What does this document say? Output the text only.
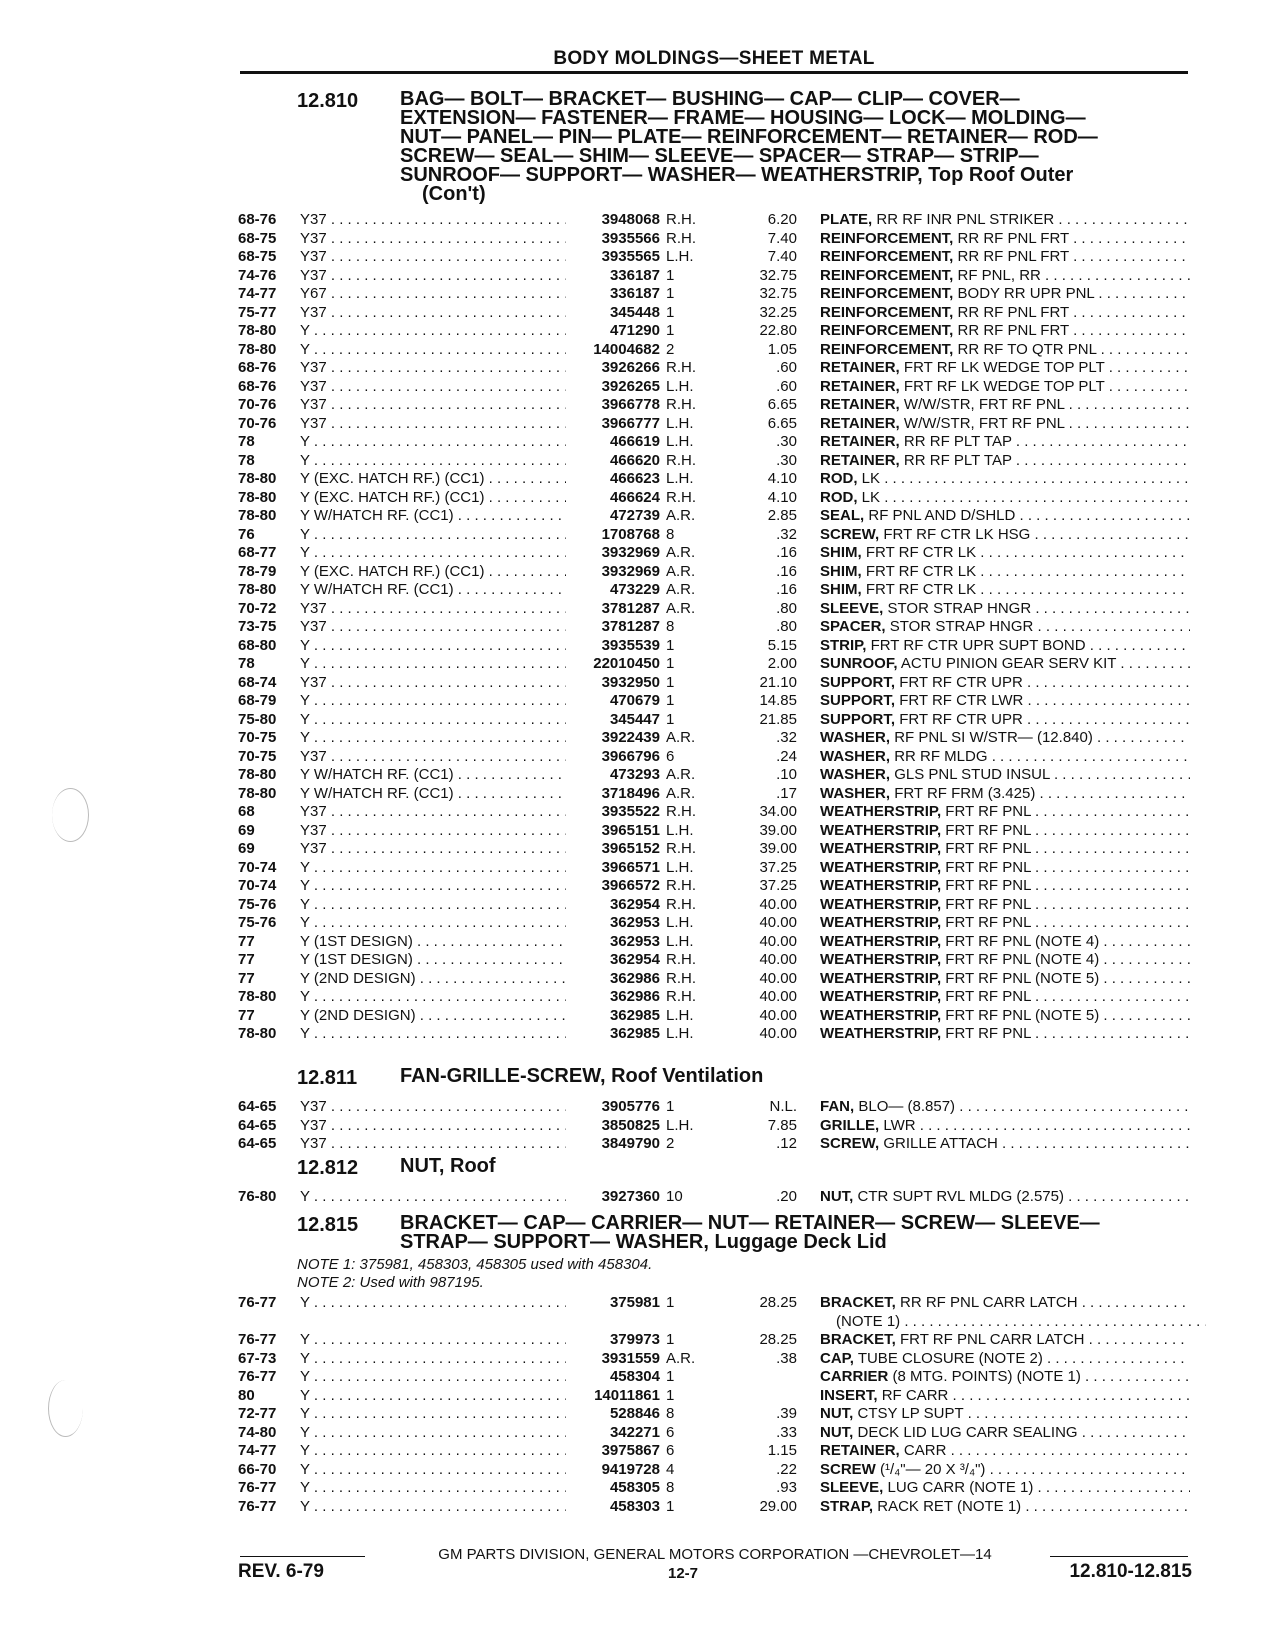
BODY MOLDINGS—SHEET METAL
12.810 BAG— BOLT— BRACKET— BUSHING— CAP— CLIP— COVER—
EXTENSION— FASTENER— FRAME— HOUSING— LOCK— MOLDING—
NUT— PANEL— PIN— PLATE— REINFORCEMENT— RETAINER— ROD—
SCREW— SEAL— SHIM— SLEEVE— SPACER— STRAP— STRIP—
SUNROOF— SUPPORT— WASHER— WEATHERSTRIP, Top Roof Outer
(Con't)
68-76 Y37 . . .	3948068 R.H.	6.20 PLATE, RR RF INR PNL STRIKER . . .
68-75 Y37 . . .	3935566 R.H.	7.40 REINFORCEMENT, RR RF PNL FRT . . .
68-75 Y37 . . .	3935565 L.H.	7.40 REINFORCEMENT, RR RF PNL FRT . . .
74-76 Y37 . . .	336187 1	32.75 REINFORCEMENT, RF PNL, RR . . .
74-77 Y67 . . .	336187 1	32.75 REINFORCEMENT, BODY RR UPR PNL . . .
75-77 Y37 . . .	345448 1	32.25 REINFORCEMENT, RR RF PNL FRT . . .
78-80 Y . . .	471290 1	22.80 REINFORCEMENT, RR RF PNL FRT . . .
78-80 Y . . .	14004682 2	1.05 REINFORCEMENT, RR RF TO QTR PNL . . .
68-76 Y37 . . .	3926266 R.H.	.60 RETAINER, FRT RF LK WEDGE TOP PLT . . .
68-76 Y37 . . .	3926265 L.H.	.60 RETAINER, FRT RF LK WEDGE TOP PLT . . .
70-76 Y37 . . .	3966778 R.H.	6.65 RETAINER, W/W/STR, FRT RF PNL . . .
70-76 Y37 . . .	3966777 L.H.	6.65 RETAINER, W/W/STR, FRT RF PNL . . .
78	Y . . .	466619 L.H.	.30 RETAINER, RR RF PLT TAP . . .
78	Y . . .	466620 R.H.	.30 RETAINER, RR RF PLT TAP . . .
78-80 Y (EXC. HATCH RF.) (CC1) . . .	466623 L.H.	4.10 ROD, LK . . .
78-80 Y (EXC. HATCH RF.) (CC1) . . .	466624 R.H.	4.10 ROD, LK . . .
78-80 Y W/HATCH RF. (CC1) . . .	472739 A.R.	2.85 SEAL, RF PNL AND D/SHLD . . .
76	Y . . .	1708768 8	.32 SCREW, FRT RF CTR LK HSG . . .
68-77 Y . . .	3932969 A.R.	.16 SHIM, FRT RF CTR LK . . .
78-79 Y (EXC. HATCH RF.) (CC1) . . .	3932969 A.R.	.16 SHIM, FRT RF CTR LK . . .
78-80 Y W/HATCH RF. (CC1) . . .	473229 A.R.	.16 SHIM, FRT RF CTR LK . . .
70-72 Y37 . . .	3781287 A.R.	.80 SLEEVE, STOR STRAP HNGR . . .
73-75 Y37 . . .	3781287 8	.80 SPACER, STOR STRAP HNGR . . .
68-80 Y . . .	3935539 1	5.15 STRIP, FRT RF CTR UPR SUPT BOND . . .
78	Y . . .	22010450 1	2.00 SUNROOF, ACTU PINION GEAR SERV KIT . . .
68-74 Y37 . . .	3932950 1	21.10 SUPPORT, FRT RF CTR UPR . . .
68-79 Y . . .	470679 1	14.85 SUPPORT, FRT RF CTR LWR . . .
75-80 Y . . .	345447 1	21.85 SUPPORT, FRT RF CTR UPR . . .
70-75 Y . . .	3922439 A.R.	.32 WASHER, RF PNL SI W/STR— (12.840) . . .
70-75 Y37 . . .	3966796 6	.24 WASHER, RR RF MLDG . . .
78-80 Y W/HATCH RF. (CC1) . . .	473293 A.R.	.10 WASHER, GLS PNL STUD INSUL . . .
78-80 Y W/HATCH RF. (CC1) . . .	3718496 A.R.	.17 WASHER, FRT RF FRM (3.425) . . .
68	Y37 . . .	3935522 R.H.	34.00 WEATHERSTRIP, FRT RF PNL . . .
69	Y37 . . .	3965151 L.H.	39.00 WEATHERSTRIP, FRT RF PNL . . .
69	Y37 . . .	3965152 R.H.	39.00 WEATHERSTRIP, FRT RF PNL . . .
70-74 Y . . .	3966571 L.H.	37.25 WEATHERSTRIP, FRT RF PNL . . .
70-74 Y . . .	3966572 R.H.	37.25 WEATHERSTRIP, FRT RF PNL . . .
75-76 Y . . .	362954 R.H.	40.00 WEATHERSTRIP, FRT RF PNL . . .
75-76 Y . . .	362953 L.H.	40.00 WEATHERSTRIP, FRT RF PNL . . .
77	Y (1ST DESIGN) . . .	362953 L.H.	40.00 WEATHERSTRIP, FRT RF PNL (NOTE 4) . . .
77	Y (1ST DESIGN) . . .	362954 R.H.	40.00 WEATHERSTRIP, FRT RF PNL (NOTE 4) . . .
77	Y (2ND DESIGN) . . .	362986 R.H.	40.00 WEATHERSTRIP, FRT RF PNL (NOTE 5) . . .
78-80 Y . . .	362986 R.H.	40.00 WEATHERSTRIP, FRT RF PNL . . .
77	Y (2ND DESIGN) . . .	362985 L.H.	40.00 WEATHERSTRIP, FRT RF PNL (NOTE 5) . . .
78-80 Y . . .	362985 L.H.	40.00 WEATHERSTRIP, FRT RF PNL . . .
12.811 FAN-GRILLE-SCREW, Roof Ventilation
64-65 Y37 . . .	3905776 1	N.L. FAN, BLO— (8.857) . . .
64-65 Y37 . . .	3850825 L.H.	7.85 GRILLE, LWR . . .
64-65 Y37 . . .	3849790 2	.12 SCREW, GRILLE ATTACH . . .
12.812 NUT, Roof
76-80 Y . . .	3927360 10	.20 NUT, CTR SUPT RVL MLDG (2.575) . . .
12.815 BRACKET— CAP— CARRIER— NUT— RETAINER— SCREW— SLEEVE—
STRAP— SUPPORT— WASHER, Luggage Deck Lid
NOTE 1: 375981, 458303, 458305 used with 458304.
NOTE 2: Used with 987195.
76-77 Y . . .	375981 1	28.25 BRACKET, RR RF PNL CARR LATCH . . .
(NOTE 1) . . .
76-77 Y . . .	379973 1	28.25 BRACKET, FRT RF PNL CARR LATCH . . .
67-73 Y . . .	3931559 A.R.	.38 CAP, TUBE CLOSURE (NOTE 2) . . .
76-77 Y . . .	458304 1	CARRIER (8 MTG. POINTS) (NOTE 1) . . .
80	Y . . .	14011861 1	INSERT, RF CARR . . .
72-77 Y . . .	528846 8	.39 NUT, CTSY LP SUPT . . .
74-80 Y . . .	342271 6	.33 NUT, DECK LID LUG CARR SEALING . . .
74-77 Y . . .	3975867 6	1.15 RETAINER, CARR . . .
66-70 Y . . .	9419728 4	.22 SCREW (¹/₄"— 20 X ³/₄") . . .
76-77 Y . . .	458305 8	.93 SLEEVE, LUG CARR (NOTE 1) . . .
76-77 Y . . .	458303 1	29.00 STRAP, RACK RET (NOTE 1) . . .
GM PARTS DIVISION, GENERAL MOTORS CORPORATION —CHEVROLET—14
REV. 6-79	12-7	12.810-12.815
